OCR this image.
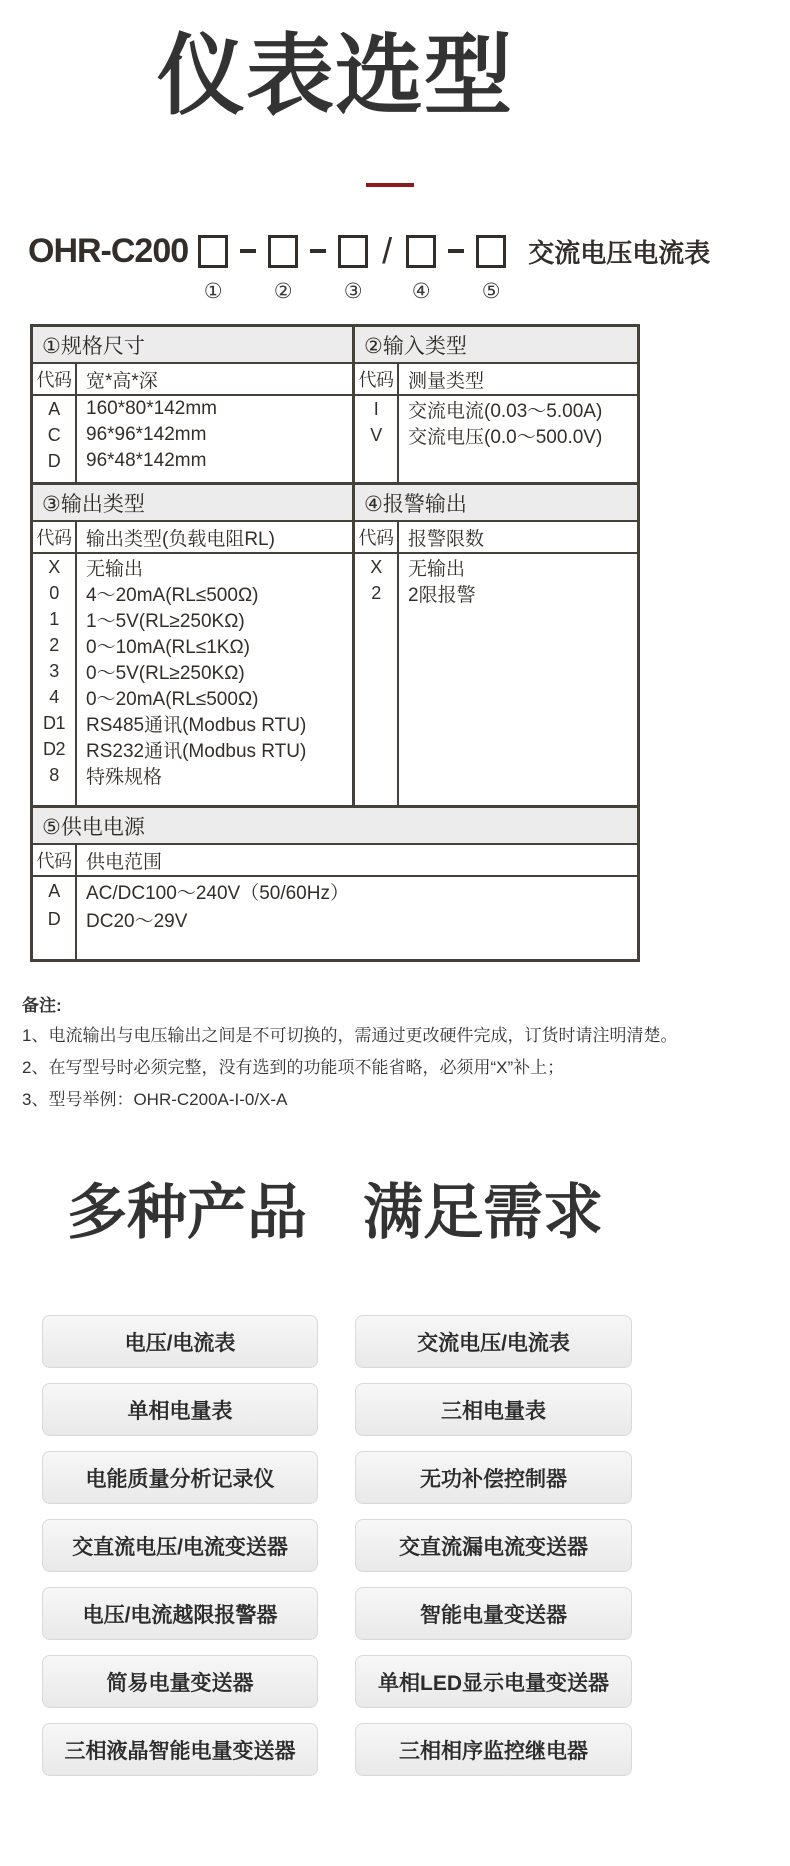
仪表选型
OHR-C200
① ② ③
/
④ ⑤
交流电压电流表
①规格尺寸
代码 宽*高*深
A	160*80*142mm
C	96*96*142mm
D	96*48*142mm
②输入类型
代码 测量类型
I	交流电流(0.03～5.00A)
V	交流电压(0.0～500.0V)
③输出类型
代码 输出类型(负载电阻RL)
X	无输出
0	4～20mA(RL≤500Ω)
1	1～5V(RL≥250KΩ)
2	0～10mA(RL≤1KΩ)
3	0～5V(RL≥250KΩ)
4	0～20mA(RL≤500Ω)
D1	RS485通讯(Modbus RTU)
D2	RS232通讯(Modbus RTU)
8	特殊规格
④报警输出
代码 报警限数
X	无输出
2	2限报警
⑤供电电源
代码 供电范围
A	AC/DC100～240V（50/60Hz）
D	DC20～29V
备注:
1、电流输出与电压输出之间是不可切换的，需通过更改硬件完成，订货时请注明清楚。
2、在写型号时必须完整，没有选到的功能项不能省略，必须用“X”补上；
3、型号举例：OHR-C200A-I-0/X-A
多种产品 满足需求
电压/电流表	交流电压/电流表
单相电量表	三相电量表
电能质量分析记录仪	无功补偿控制器
交直流电压/电流变送器	交直流漏电流变送器
电压/电流越限报警器	智能电量变送器
简易电量变送器	单相LED显示电量变送器
三相液晶智能电量变送器	三相相序监控继电器
